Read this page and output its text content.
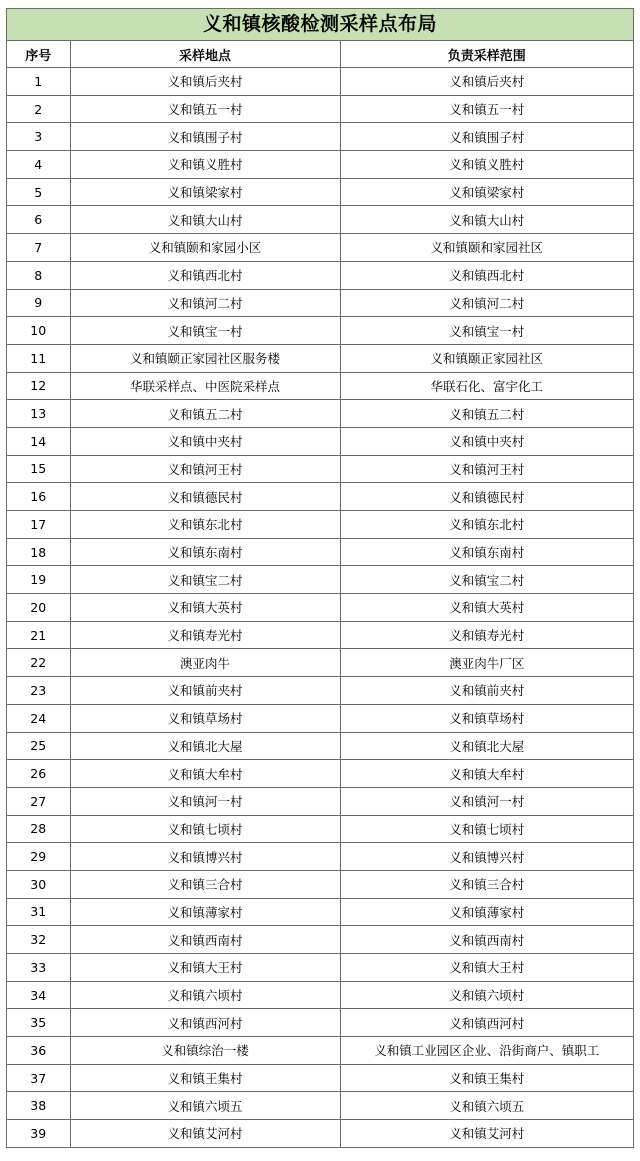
义和镇核酸检测采样点布局
序号	采样地点	负责采样范围
1	义和镇后夹村	义和镇后夹村
2	义和镇五一村	义和镇五一村
3	义和镇围子村	义和镇围子村
4	义和镇义胜村	义和镇义胜村
5	义和镇梁家村	义和镇梁家村
6	义和镇大山村	义和镇大山村
7	义和镇颐和家园小区	义和镇颐和家园社区
8	义和镇西北村	义和镇西北村
9	义和镇河二村	义和镇河二村
10	义和镇宝一村	义和镇宝一村
11	义和镇颐正家园社区服务楼	义和镇颐正家园社区
12	华联采样点、中医院采样点	华联石化、富宇化工
13	义和镇五二村	义和镇五二村
14	义和镇中夹村	义和镇中夹村
15	义和镇河王村	义和镇河王村
16	义和镇德民村	义和镇德民村
17	义和镇东北村	义和镇东北村
18	义和镇东南村	义和镇东南村
19	义和镇宝二村	义和镇宝二村
20	义和镇大英村	义和镇大英村
21	义和镇寿光村	义和镇寿光村
22	澳亚肉牛	澳亚肉牛厂区
23	义和镇前夹村	义和镇前夹村
24	义和镇草场村	义和镇草场村
25	义和镇北大屋	义和镇北大屋
26	义和镇大牟村	义和镇大牟村
27	义和镇河一村	义和镇河一村
28	义和镇七顷村	义和镇七顷村
29	义和镇博兴村	义和镇博兴村
30	义和镇三合村	义和镇三合村
31	义和镇薄家村	义和镇薄家村
32	义和镇西南村	义和镇西南村
33	义和镇大王村	义和镇大王村
34	义和镇六顷村	义和镇六顷村
35	义和镇西河村	义和镇西河村
36	义和镇综治一楼	义和镇工业园区企业、沿街商户、镇职工
37	义和镇王集村	义和镇王集村
38	义和镇六顷五	义和镇六顷五
39	义和镇艾河村	义和镇艾河村
